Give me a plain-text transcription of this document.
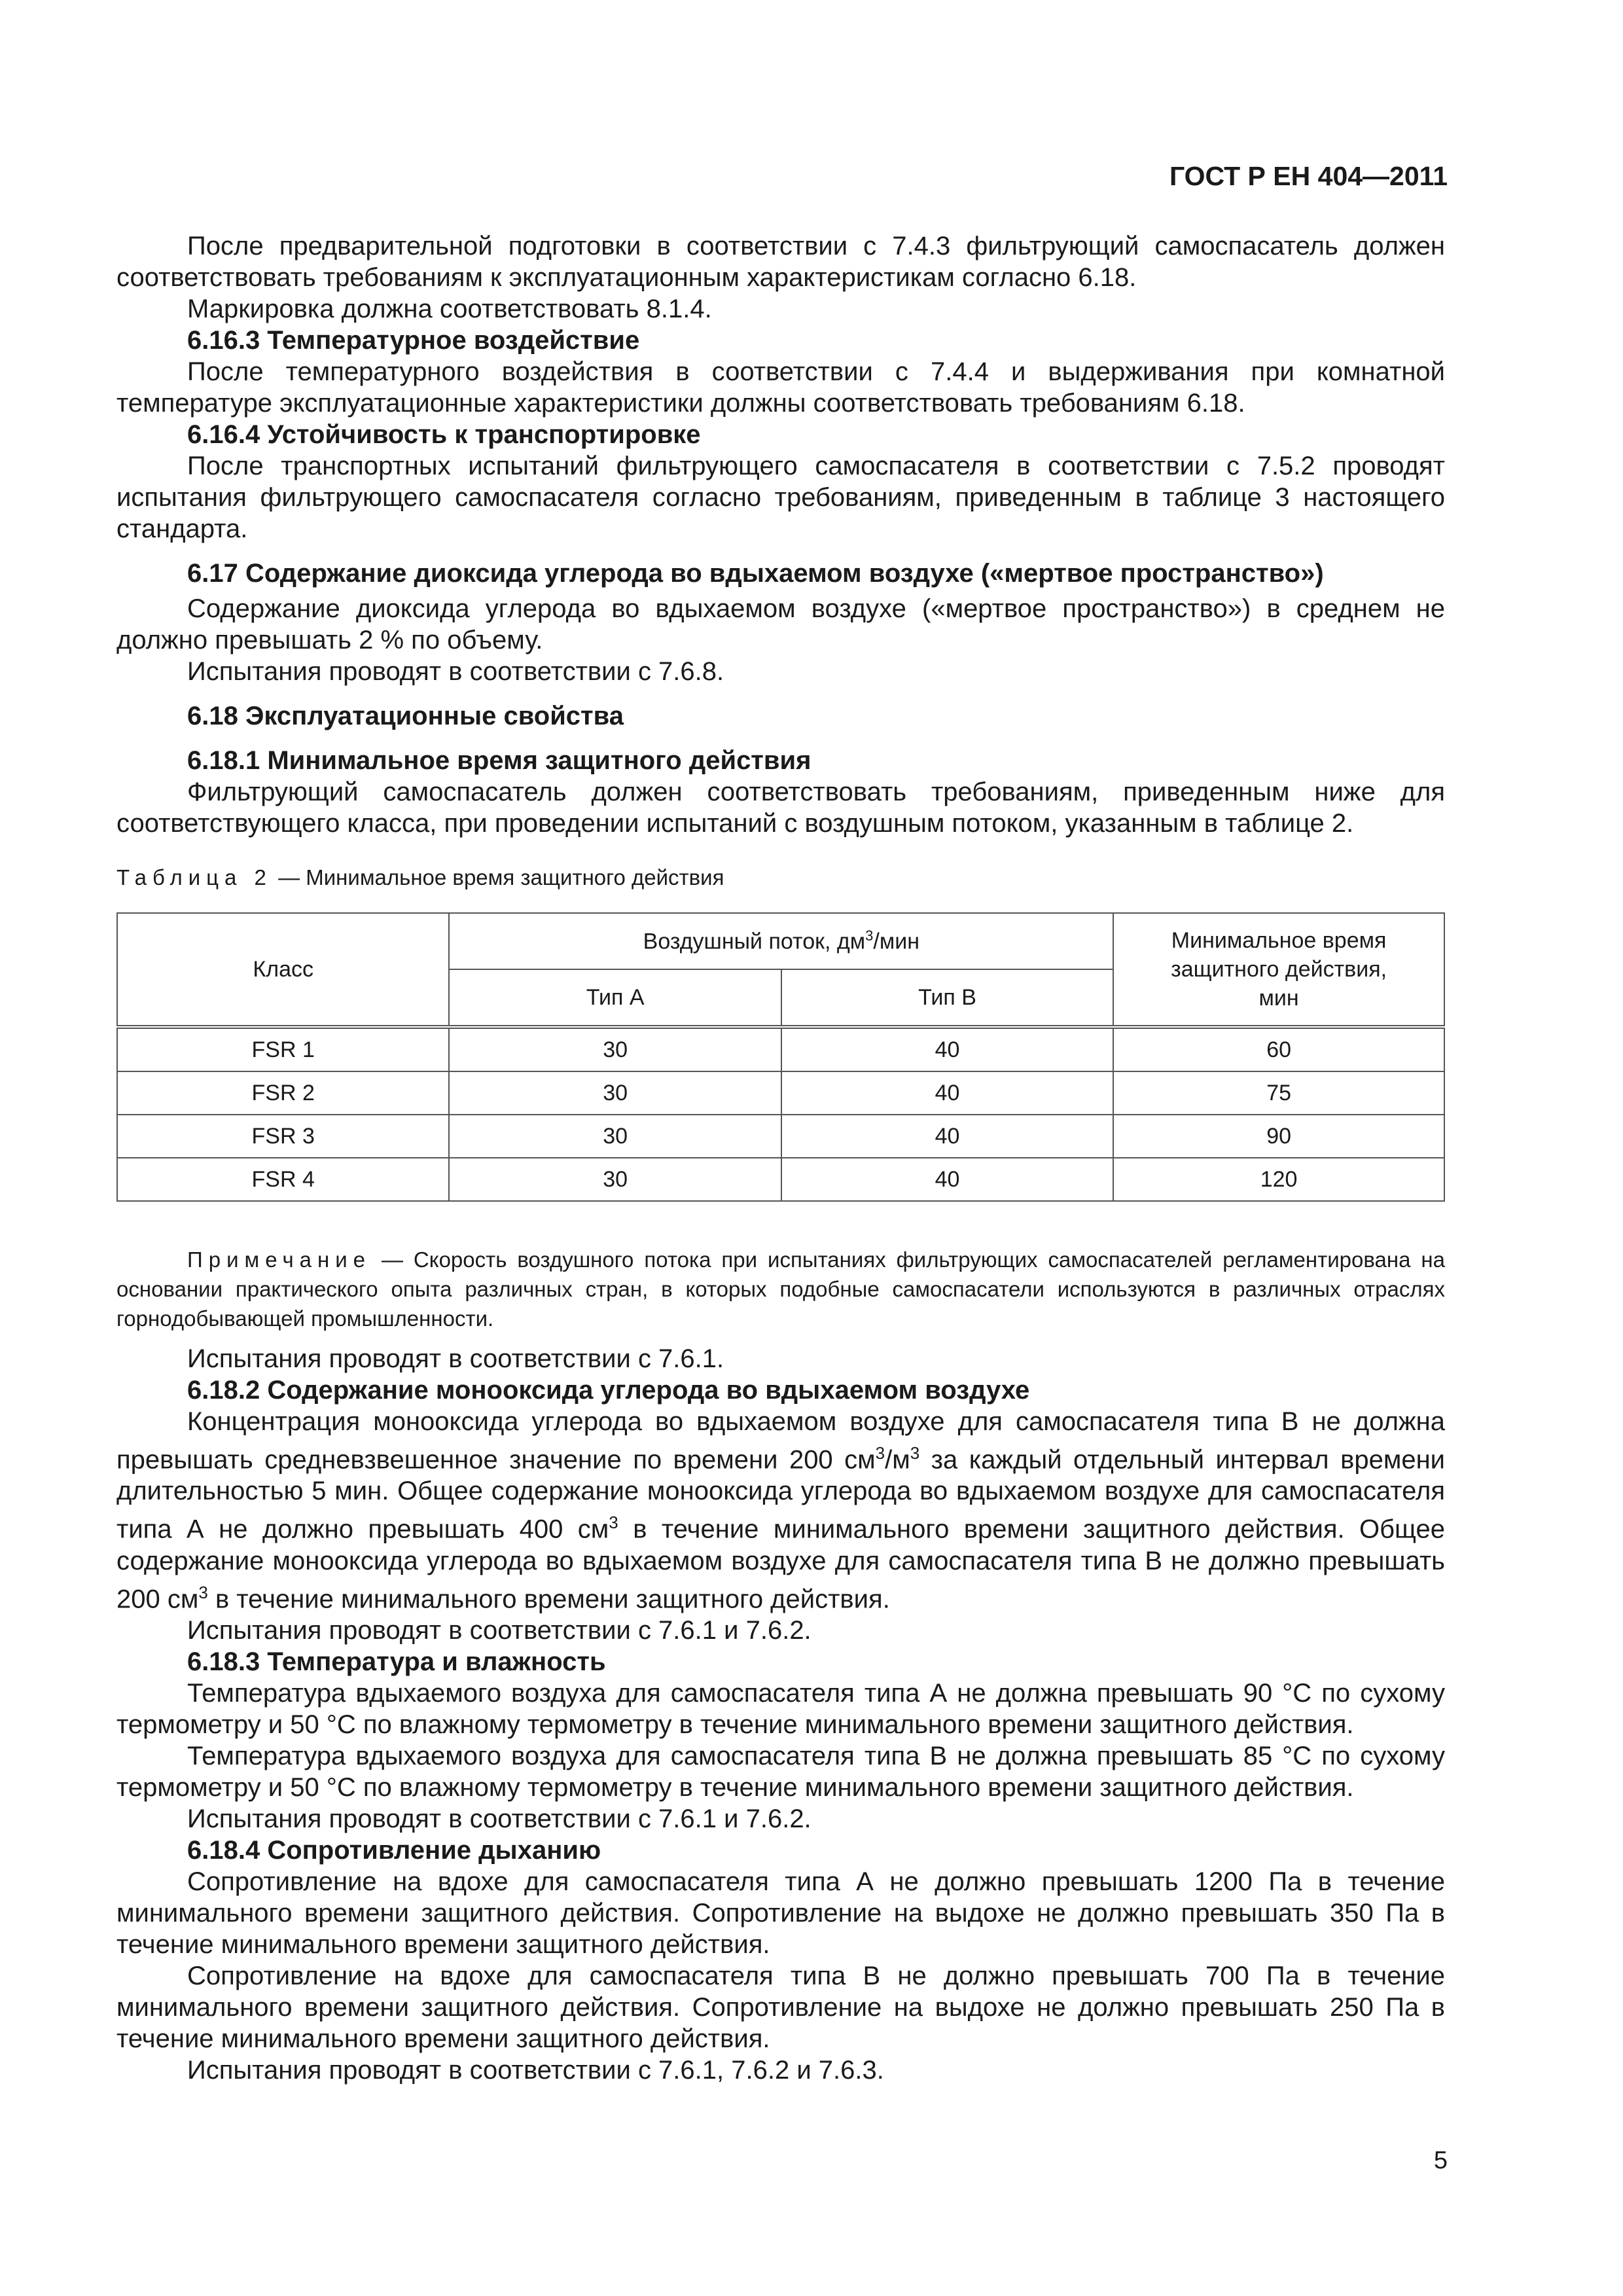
ГОСТ Р ЕН 404—2011

После предварительной подготовки в соответствии с 7.4.3 фильтрующий самоспасатель должен соответствовать требованиям к эксплуатационным характеристикам согласно 6.18.

Маркировка должна соответствовать 8.1.4.

6.16.3 Температурное воздействие

После температурного воздействия в соответствии с 7.4.4 и выдерживания при комнатной температуре эксплуатационные характеристики должны соответствовать требованиям 6.18.

6.16.4 Устойчивость к транспортировке

После транспортных испытаний фильтрующего самоспасателя в соответствии с 7.5.2 проводят испытания фильтрующего самоспасателя согласно требованиям, приведенным в таблице 3 настоящего стандарта.

6.17 Содержание диоксида углерода во вдыхаемом воздухе («мертвое пространство»)

Содержание диоксида углерода во вдыхаемом воздухе («мертвое пространство») в среднем не должно превышать 2 % по объему.

Испытания проводят в соответствии с 7.6.8.

6.18 Эксплуатационные свойства
6.18.1 Минимальное время защитного действия

Фильтрующий самоспасатель должен соответствовать требованиям, приведенным ниже для соответствующего класса, при проведении испытаний с воздушным потоком, указанным в таблице 2.

Таблица 2 — Минимальное время защитного действия
Класс	Воздушный поток, $дм^3$/мин		Минимальное время защитного действия, мин

	Тип А	Тип В	
FSR 1	30	40	60
FSR 2	30	40	75
FSR 3	30	40	90
FSR 4	30	40	120

Примечание — Скорость воздушного потока при испытаниях фильтрующих самоспасателей регламентирована на основании практического опыта различных стран, в которых подобные самоспасатели используются в различных отраслях горнодобывающей промышленности.

Испытания проводят в соответствии с 7.6.1.

6.18.2 Содержание монооксида углерода во вдыхаемом воздухе

Концентрация монооксида углерода во вдыхаемом воздухе для самоспасателя типа В не должна превышать средневзвешенное значение по времени 200 $см^3/м^3$ за каждый отдельный интервал времени длительностью 5 мин. Общее содержание монооксида углерода во вдыхаемом воздухе для самоспасателя типа А не должно превышать 400 $см^3$ в течение минимального времени защитного действия. Общее содержание монооксида углерода во вдыхаемом воздухе для самоспасателя типа В не должно превышать 200 $см^3$ в течение минимального времени защитного действия.

Испытания проводят в соответствии с 7.6.1 и 7.6.2.

6.18.3 Температура и влажность

Температура вдыхаемого воздуха для самоспасателя типа А не должна превышать 90 °С по сухому термометру и 50 °С по влажному термометру в течение минимального времени защитного действия.

Температура вдыхаемого воздуха для самоспасателя типа В не должна превышать 85 °С по сухому термометру и 50 °С по влажному термометру в течение минимального времени защитного действия.

Испытания проводят в соответствии с 7.6.1 и 7.6.2.

6.18.4 Сопротивление дыханию

Сопротивление на вдохе для самоспасателя типа А не должно превышать 1200 Па в течение минимального времени защитного действия. Сопротивление на выдохе не должно превышать 350 Па в течение минимального времени защитного действия.

Сопротивление на вдохе для самоспасателя типа В не должно превышать 700 Па в течение минимального времени защитного действия. Сопротивление на выдохе не должно превышать 250 Па в течение минимального времени защитного действия.

Испытания проводят в соответствии с 7.6.1, 7.6.2 и 7.6.3.

5
